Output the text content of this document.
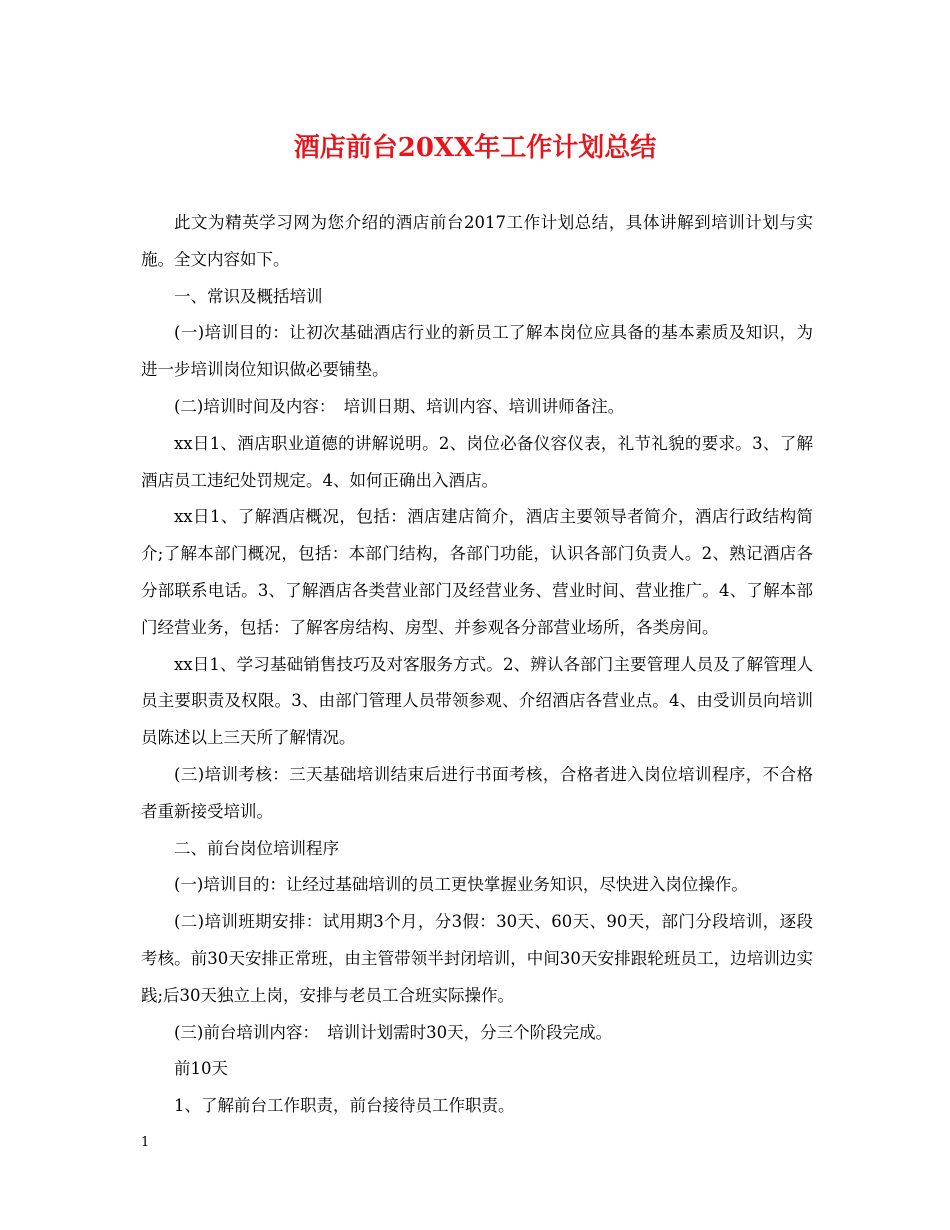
酒店前台20XX年工作计划总结

此文为精英学习网为您介绍的酒店前台2017工作计划总结，具体讲解到培训计划与实施。全文内容如下。

一、常识及概括培训

(一)培训目的：让初次基础酒店行业的新员工了解本岗位应具备的基本素质及知识，为进一步培训岗位知识做必要铺垫。

(二)培训时间及内容：　培训日期、培训内容、培训讲师备注。

xx日1、酒店职业道德的讲解说明。2、岗位必备仪容仪表，礼节礼貌的要求。3、了解酒店员工违纪处罚规定。4、如何正确出入酒店。

xx日1、了解酒店概况，包括：酒店建店简介，酒店主要领导者简介，酒店行政结构简介;了解本部门概况，包括：本部门结构，各部门功能，认识各部门负责人。2、熟记酒店各分部联系电话。3、了解酒店各类营业部门及经营业务、营业时间、营业推广。4、了解本部门经营业务，包括：了解客房结构、房型、并参观各分部营业场所，各类房间。

xx日1、学习基础销售技巧及对客服务方式。2、辨认各部门主要管理人员及了解管理人员主要职责及权限。3、由部门管理人员带领参观、介绍酒店各营业点。4、由受训员向培训员陈述以上三天所了解情况。

(三)培训考核：三天基础培训结束后进行书面考核，合格者进入岗位培训程序，不合格者重新接受培训。

二、前台岗位培训程序

(一)培训目的：让经过基础培训的员工更快掌握业务知识，尽快进入岗位操作。

(二)培训班期安排：试用期3个月，分3假：30天、60天、90天，部门分段培训，逐段考核。前30天安排正常班，由主管带领半封闭培训，中间30天安排跟轮班员工，边培训边实践;后30天独立上岗，安排与老员工合班实际操作。

(三)前台培训内容：　培训计划需时30天，分三个阶段完成。

前10天

1、了解前台工作职责，前台接待员工作职责。

1
